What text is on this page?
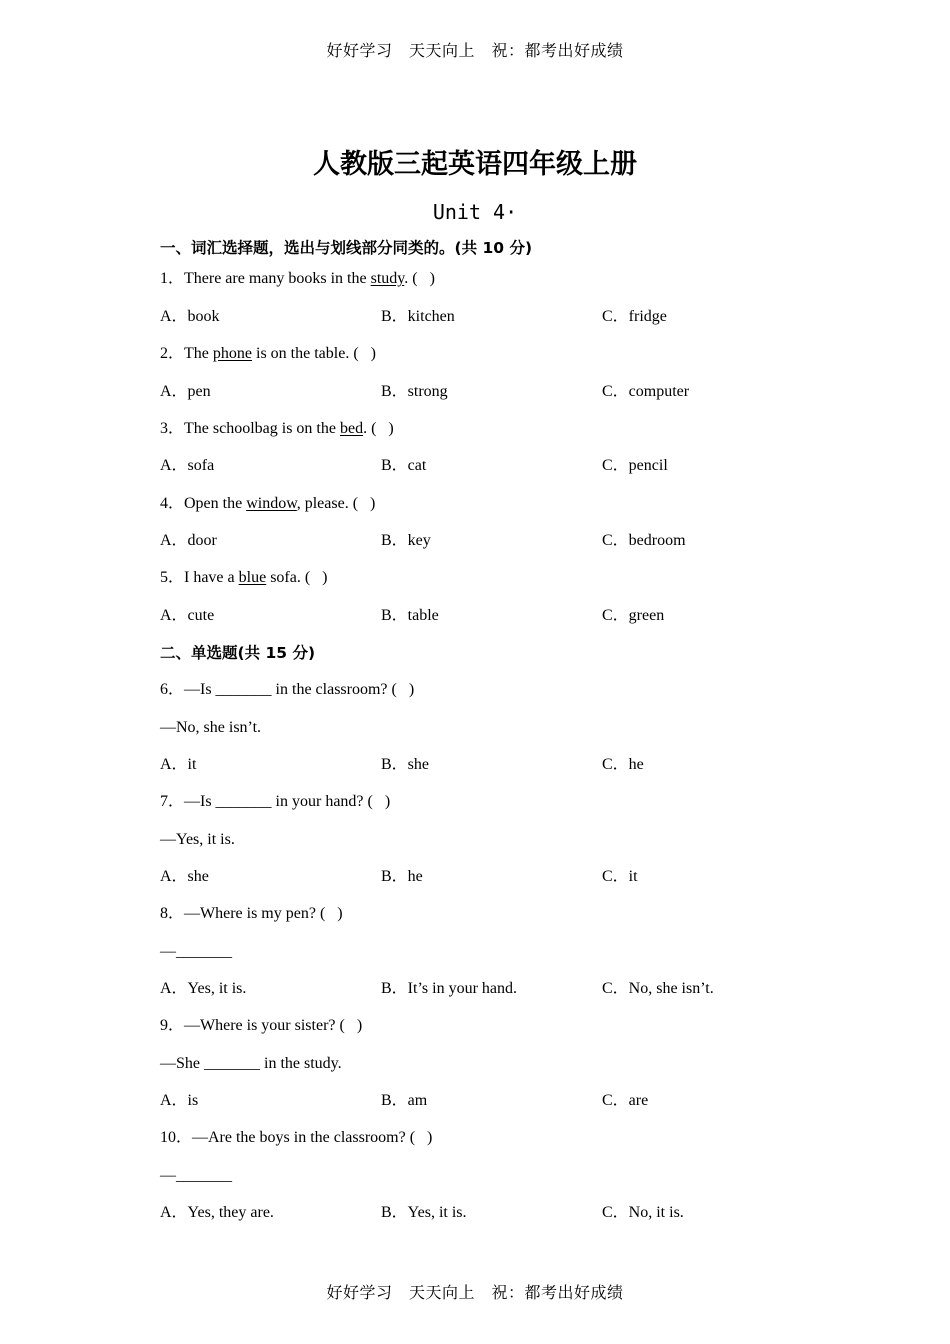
好好学习　天天向上　祝：都考出好成绩
人教版三起英语四年级上册
Unit 4·
一、词汇选择题，选出与划线部分同类的。(共 10 分)
1．There are many books in the study. (   )
A．book	B．kitchen	C．fridge
2．The phone is on the table. (   )
A．pen	B．strong	C．computer
3．The schoolbag is on the bed. (   )
A．sofa	B．cat	C．pencil
4．Open the window, please. (   )
A．door	B．key	C．bedroom
5．I have a blue sofa. (   )
A．cute	B．table	C．green
二、单选题(共 15 分)
6．—Is _______ in the classroom? (   )
—No, she isn’t.
A．it	B．she	C．he
7．—Is _______ in your hand? (   )
—Yes, it is.
A．she	B．he	C．it
8．—Where is my pen? (   )
—_______
A．Yes, it is.	B．It’s in your hand.	C．No, she isn’t.
9．—Where is your sister? (   )
—She _______ in the study.
A．is	B．am	C．are
10．—Are the boys in the classroom? (   )
—_______
A．Yes, they are.	B．Yes, it is.	C．No, it is.
好好学习　天天向上　祝：都考出好成绩
